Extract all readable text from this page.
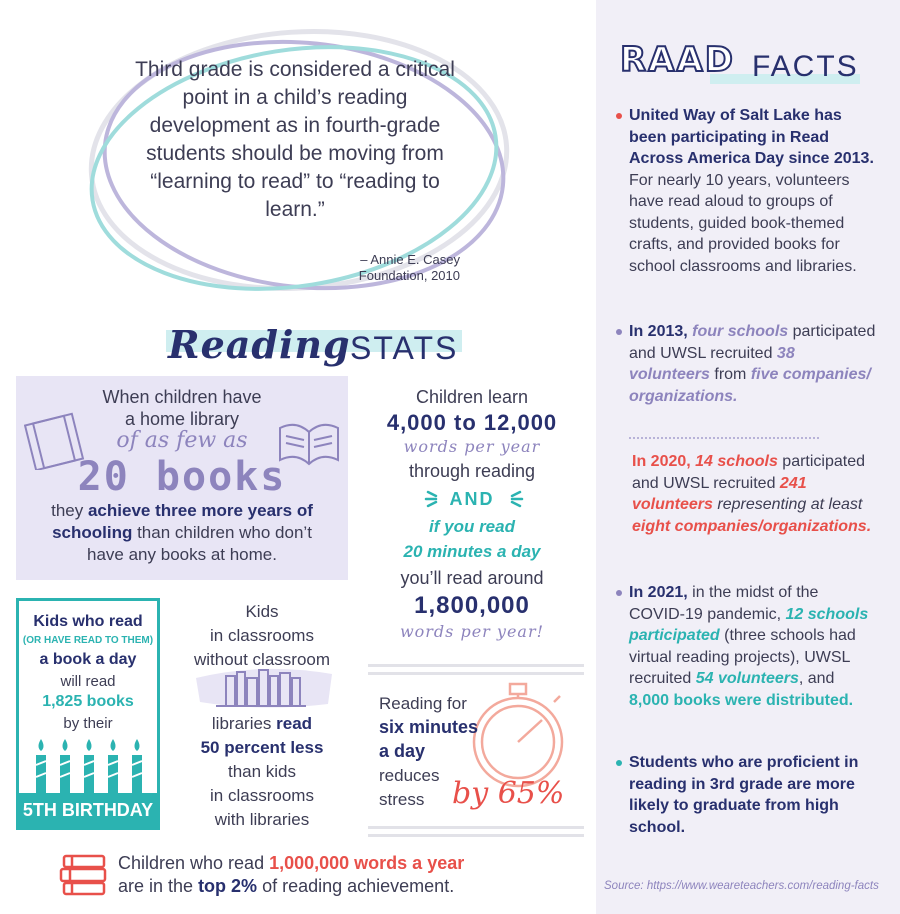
Third grade is considered a critical point in a child’s reading development as in fourth-grade students should be moving from “learning to read” to “reading to learn.”
– Annie E. Casey
Foundation, 2010
Reading STATS
When children have a home library
of as few as
20 books
they achieve three more years of schooling than children who don’t have any books at home.
Children learn
4,000 to 12,000
words per year
through reading
AND
if you read
20 minutes a day
you’ll read around
1,800,000
words per year!
Kids who read
(OR HAVE READ TO THEM)
a book a day
will read
1,825 books
by their
5TH BIRTHDAY
Kids
in classrooms
without classroom
libraries read
50 percent less
than kids
in classrooms
with libraries
Reading for
six minutes
a day
reduces
stress by 65%
Children who read 1,000,000 words a year
are in the top 2% of reading achievement.
RAAD FACTS
United Way of Salt Lake has been participating in Read Across America Day since 2013. For nearly 10 years, volunteers have read aloud to groups of students, guided book-themed crafts, and provided books for school classrooms and libraries.
In 2013, four schools participated and UWSL recruited 38 volunteers from five companies/ organizations.
In 2020, 14 schools participated and UWSL recruited 241 volunteers representing at least eight companies/organizations.
In 2021, in the midst of the COVID-19 pandemic, 12 schools participated (three schools had virtual reading projects), UWSL recruited 54 volunteers, and 8,000 books were distributed.
Students who are proficient in reading in 3rd grade are more likely to graduate from high school.
Source: https://www.weareteachers.com/reading-facts
